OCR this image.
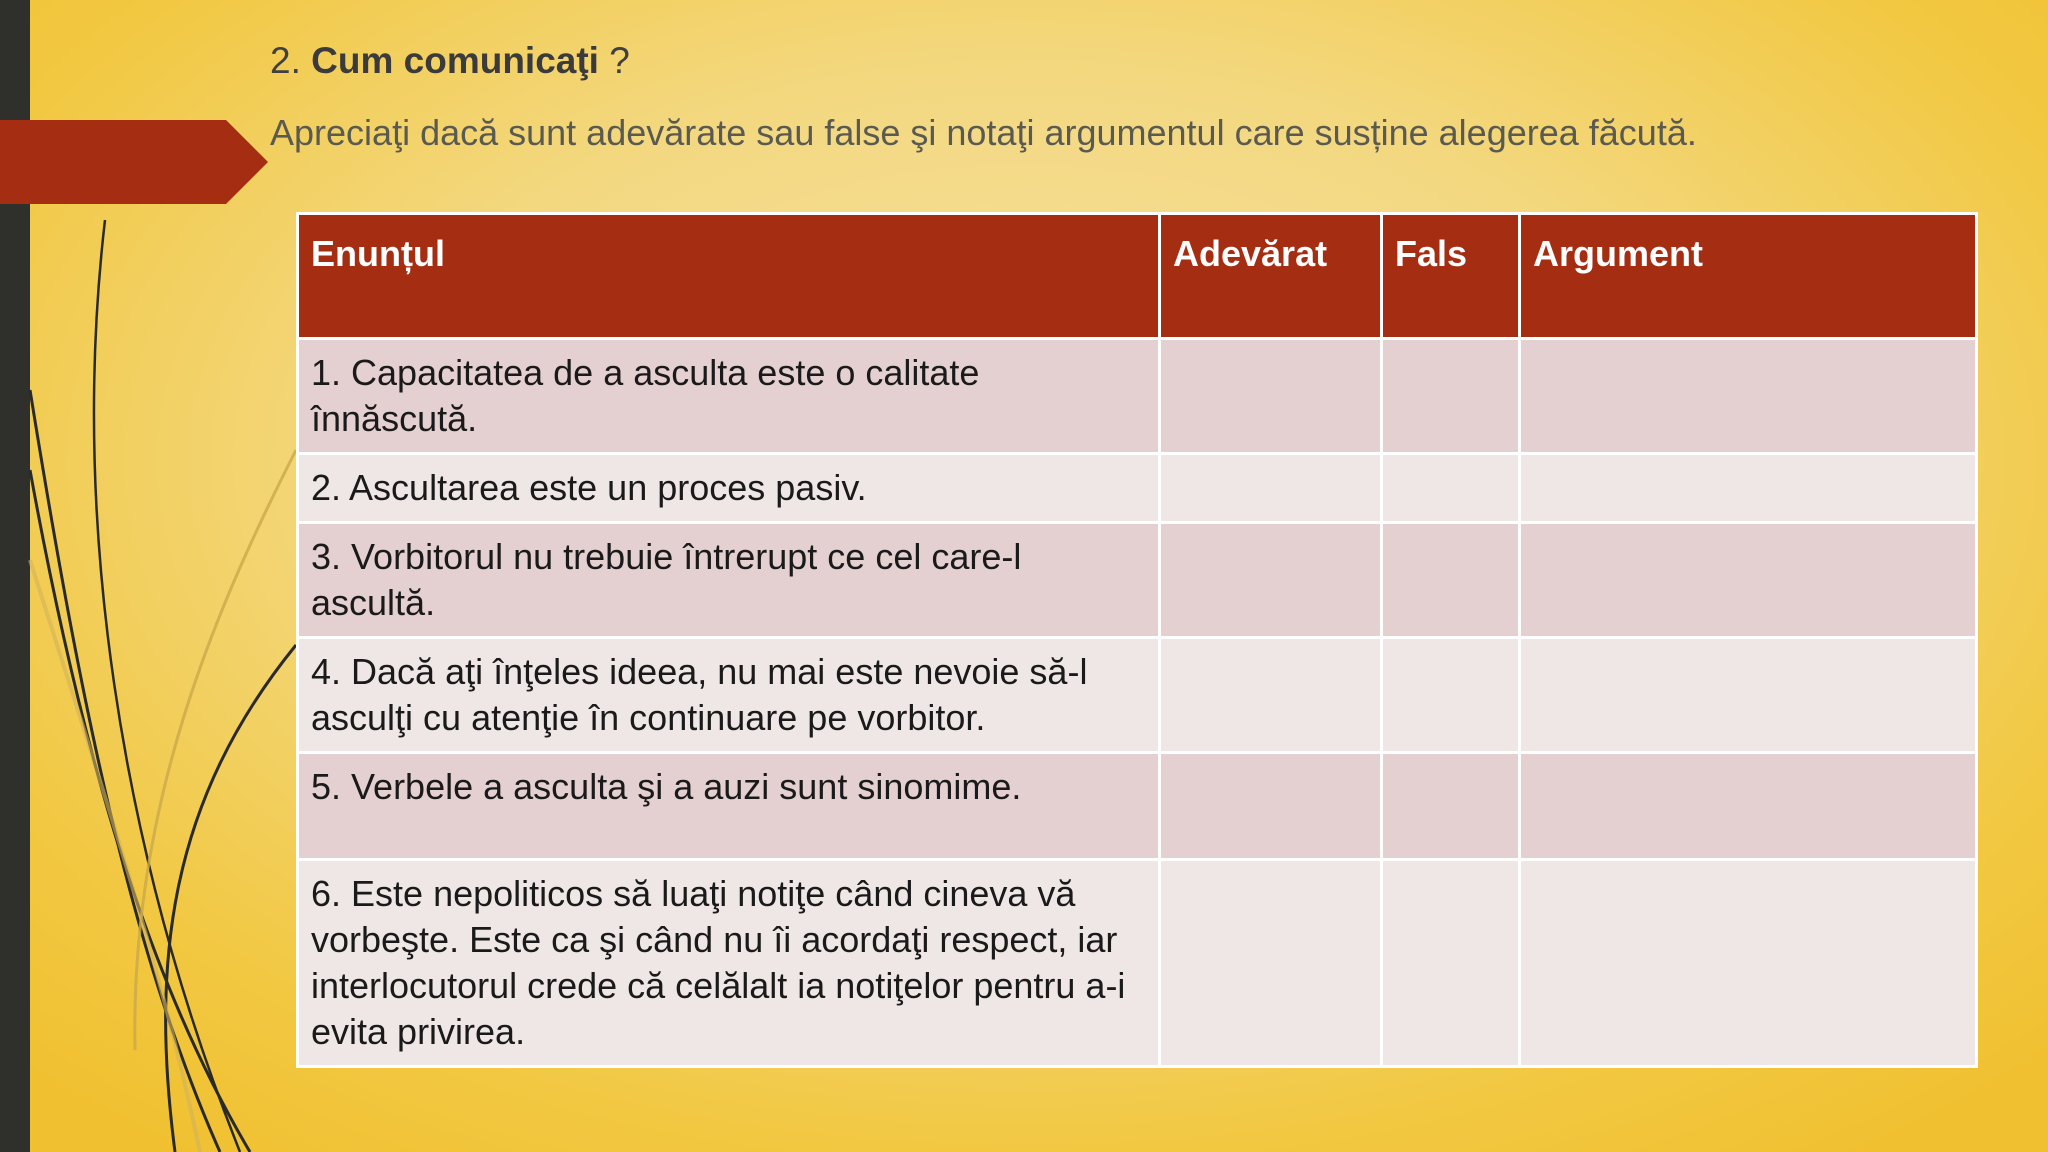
2. Cum comunicaţi ?
Apreciaţi dacă sunt adevărate sau false şi notaţi argumentul care susține alegerea făcută.
Enunțul	Adevărat	Fals	Argument
1. Capacitatea de a asculta este o calitate înnăscută.			
2. Ascultarea este un proces pasiv.			
3. Vorbitorul nu trebuie întrerupt ce cel care-l ascultă.			
4. Dacă aţi înţeles ideea, nu mai este nevoie să-l asculţi cu atenţie în continuare pe vorbitor.			
5. Verbele a asculta şi a auzi sunt sinomime.			
6. Este nepoliticos să luaţi notiţe când cineva vă vorbeşte. Este ca şi când nu îi acordaţi respect, iar interlocutorul crede că celălalt ia notiţelor pentru a-i evita privirea.			
